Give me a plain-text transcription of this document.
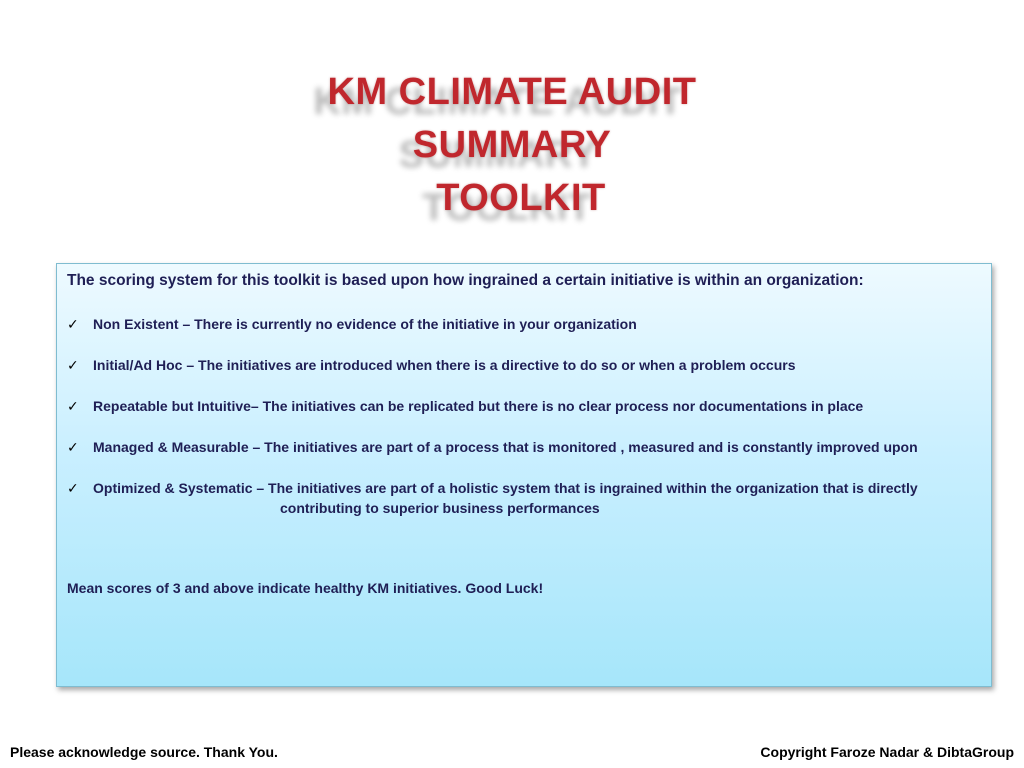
KM CLIMATE AUDIT
SUMMARY
TOOLKIT
The scoring system for this toolkit is based upon how ingrained a certain initiative is within an organization:
✓	Non Existent – There is currently no evidence of the initiative in your organization
✓	Initial/Ad Hoc – The initiatives are introduced when there is a directive to do so or when a problem occurs
✓	Repeatable but Intuitive– The initiatives can be replicated but there is no clear process nor documentations in place
✓	Managed & Measurable – The initiatives are part of a process that is monitored , measured and is constantly improved upon
✓	Optimized & Systematic – The initiatives are part of a holistic system that is ingrained within the organization that is directly
contributing to superior business performances
Mean scores of 3 and above indicate healthy KM initiatives. Good Luck!
Please acknowledge source. Thank You.	Copyright Faroze Nadar & DibtaGroup
